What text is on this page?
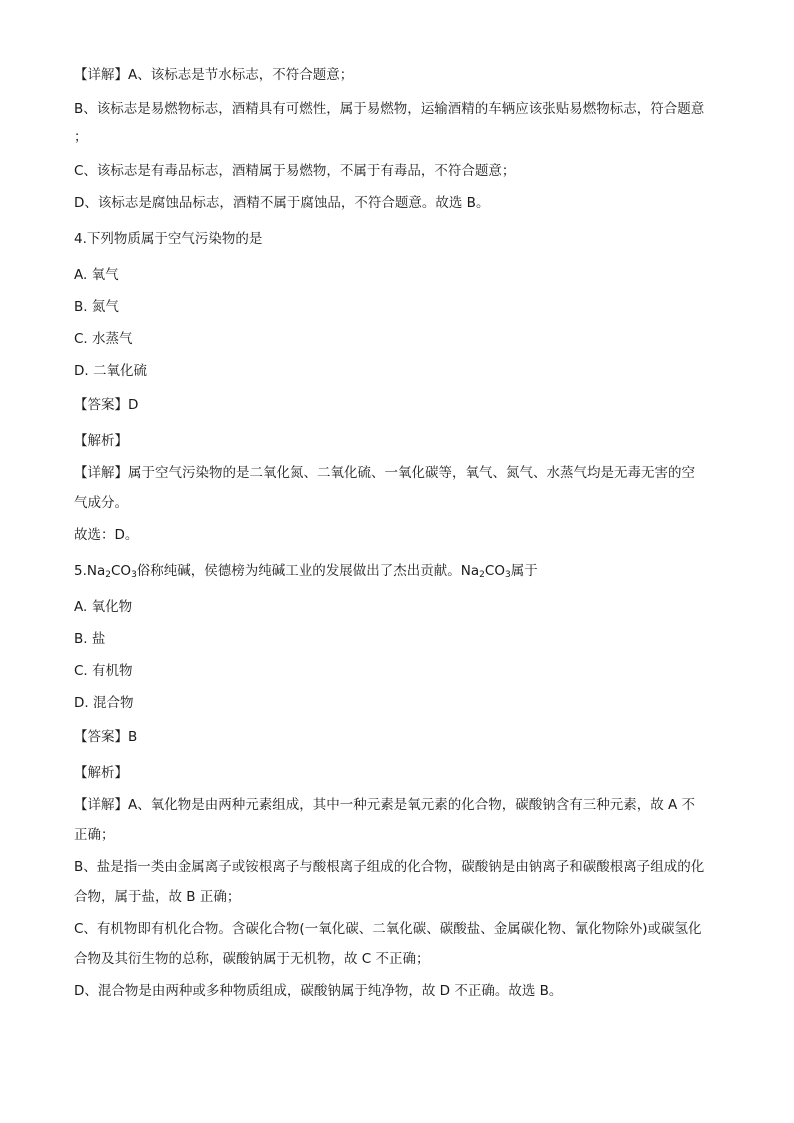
【详解】A、该标志是节水标志，不符合题意；
B、该标志是易燃物标志，酒精具有可燃性，属于易燃物，运输酒精的车辆应该张贴易燃物标志，符合题意
；
C、该标志是有毒品标志，酒精属于易燃物，不属于有毒品，不符合题意；
D、该标志是腐蚀品标志，酒精不属于腐蚀品，不符合题意。故选 B。
4.下列物质属于空气污染物的是
A. 氧气
B. 氮气
C. 水蒸气
D. 二氧化硫
【答案】D
【解析】
【详解】属于空气污染物的是二氧化氮、二氧化硫、一氧化碳等，氧气、氮气、水蒸气均是无毒无害的空
气成分。
故选：D。
$5.Na_2CO_3$俗称纯碱，侯德榜为纯碱工业的发展做出了杰出贡献。$Na_2CO_3$属于
A. 氧化物
B. 盐
C. 有机物
D. 混合物
【答案】B
【解析】
【详解】A、氧化物是由两种元素组成，其中一种元素是氧元素的化合物，碳酸钠含有三种元素，故 A 不
正确；
B、盐是指一类由金属离子或铵根离子与酸根离子组成的化合物，碳酸钠是由钠离子和碳酸根离子组成的化
合物，属于盐，故 B 正确；
C、有机物即有机化合物。含碳化合物(一氧化碳、二氧化碳、碳酸盐、金属碳化物、氰化物除外)或碳氢化
合物及其衍生物的总称，碳酸钠属于无机物，故 C 不正确；
D、混合物是由两种或多种物质组成，碳酸钠属于纯净物，故 D 不正确。故选 B。
